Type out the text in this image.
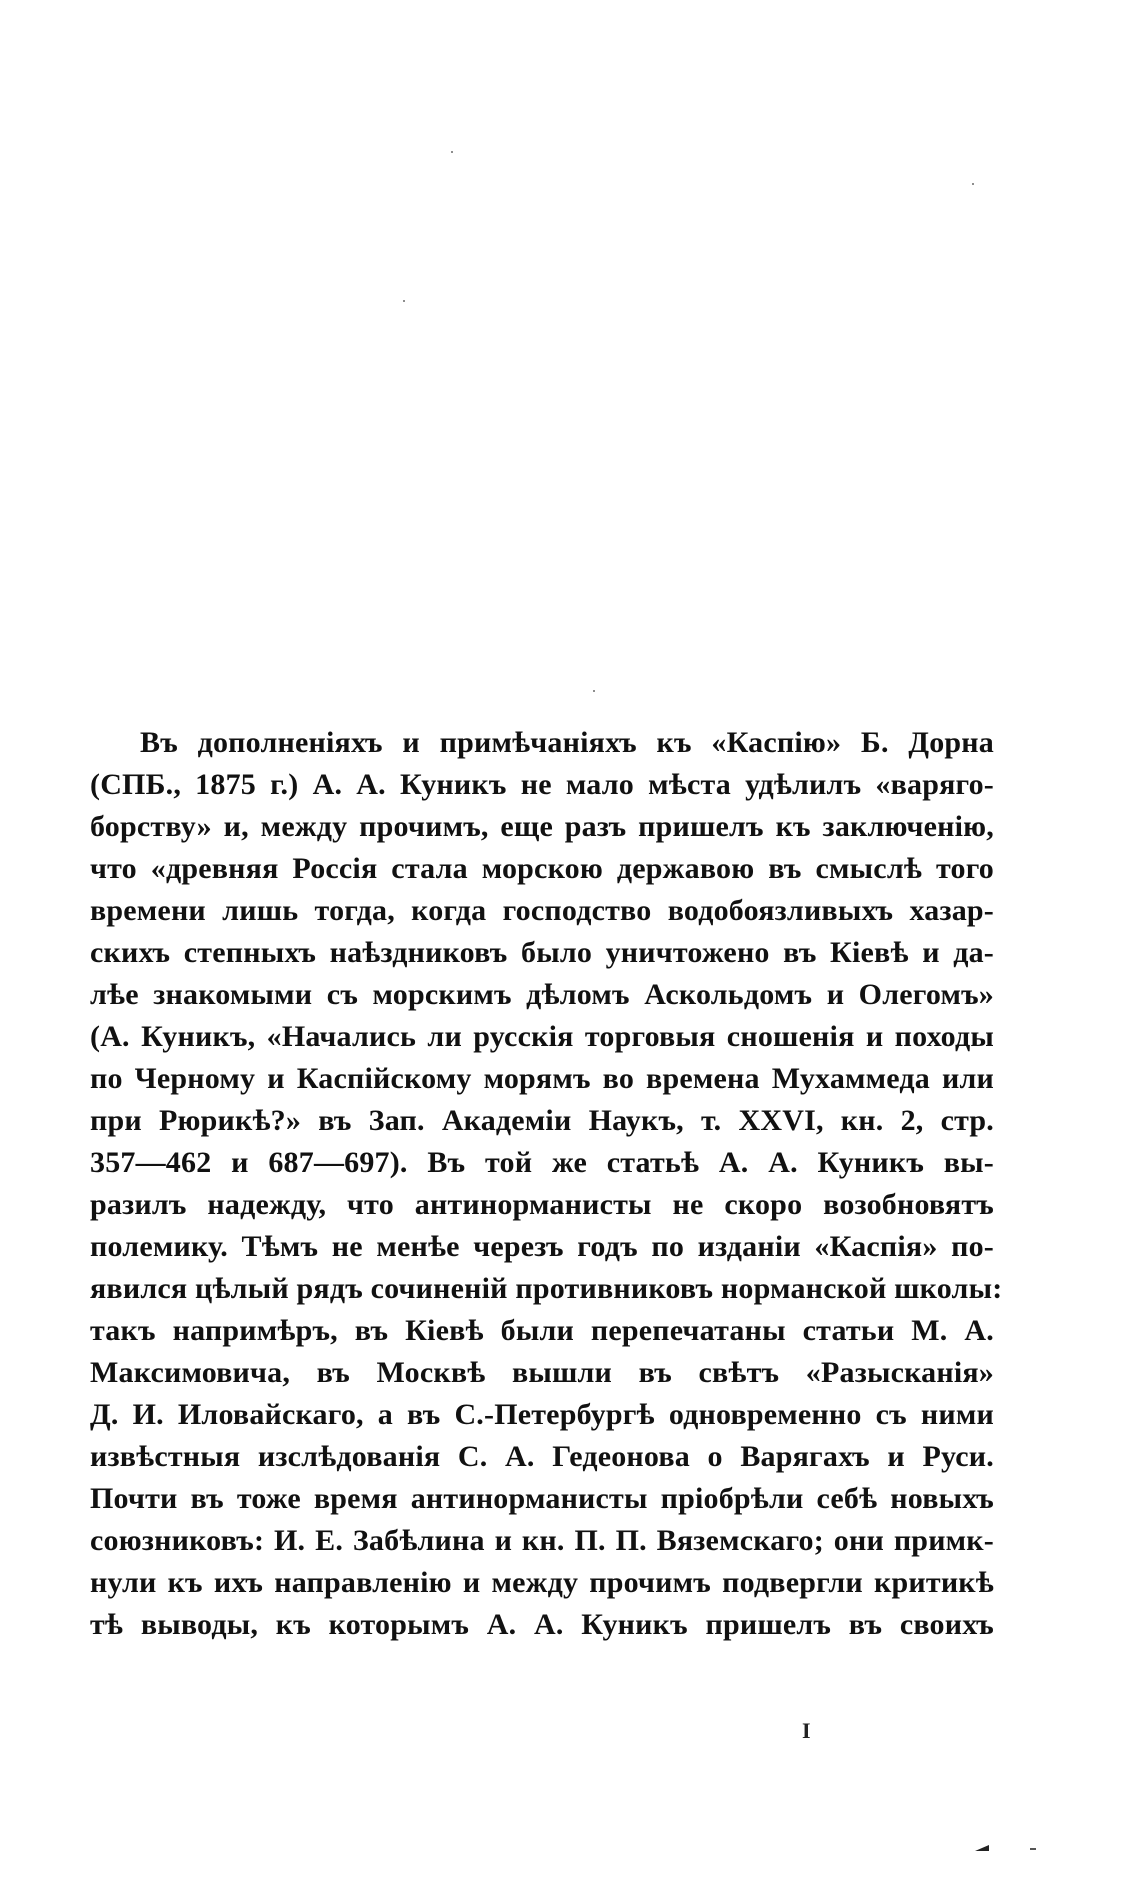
Въ дополненіяхъ и примѣчаніяхъ къ «Каспію» Б. Дорна
(СПБ., 1875 г.) А. А. Куникъ не мало мѣста удѣлилъ «варяго-
борству» и, между прочимъ, еще разъ пришелъ къ заключенію,
что «древняя Россія стала морскою державою въ смыслѣ того
времени лишь тогда, когда господство водобоязливыхъ хазар-
скихъ степныхъ наѣздниковъ было уничтожено въ Кіевѣ и да-
лѣе знакомыми съ морскимъ дѣломъ Аскольдомъ и Олегомъ»
(А. Куникъ, «Начались ли русскія торговыя сношенія и походы
по Черному и Каспійскому морямъ во времена Мухаммеда или
при Рюрикѣ?» въ Зап. Академіи Наукъ, т. XXVI, кн. 2, стр.
357—462 и 687—697). Въ той же статьѣ А. А. Куникъ вы-
разилъ надежду, что антинорманисты не скоро возобновятъ
полемику. Тѣмъ не менѣе черезъ годъ по изданіи «Каспія» по-
явился цѣлый рядъ сочиненій противниковъ норманской школы:
такъ напримѣръ, въ Кіевѣ были перепечатаны статьи М. А.
Максимовича, въ Москвѣ вышли въ свѣтъ «Разысканія»
Д. И. Иловайскаго, а въ С.-Петербургѣ одновременно съ ними
извѣстныя изслѣдованія С. А. Гедеонова о Варягахъ и Руси.
Почти въ тоже время антинорманисты пріобрѣли себѣ новыхъ
союзниковъ: И. Е. Забѣлина и кн. П. П. Вяземскаго; они примк-
нули къ ихъ направленію и между прочимъ подвергли критикѣ
тѣ выводы, къ которымъ А. А. Куникъ пришелъ въ своихъ
I
